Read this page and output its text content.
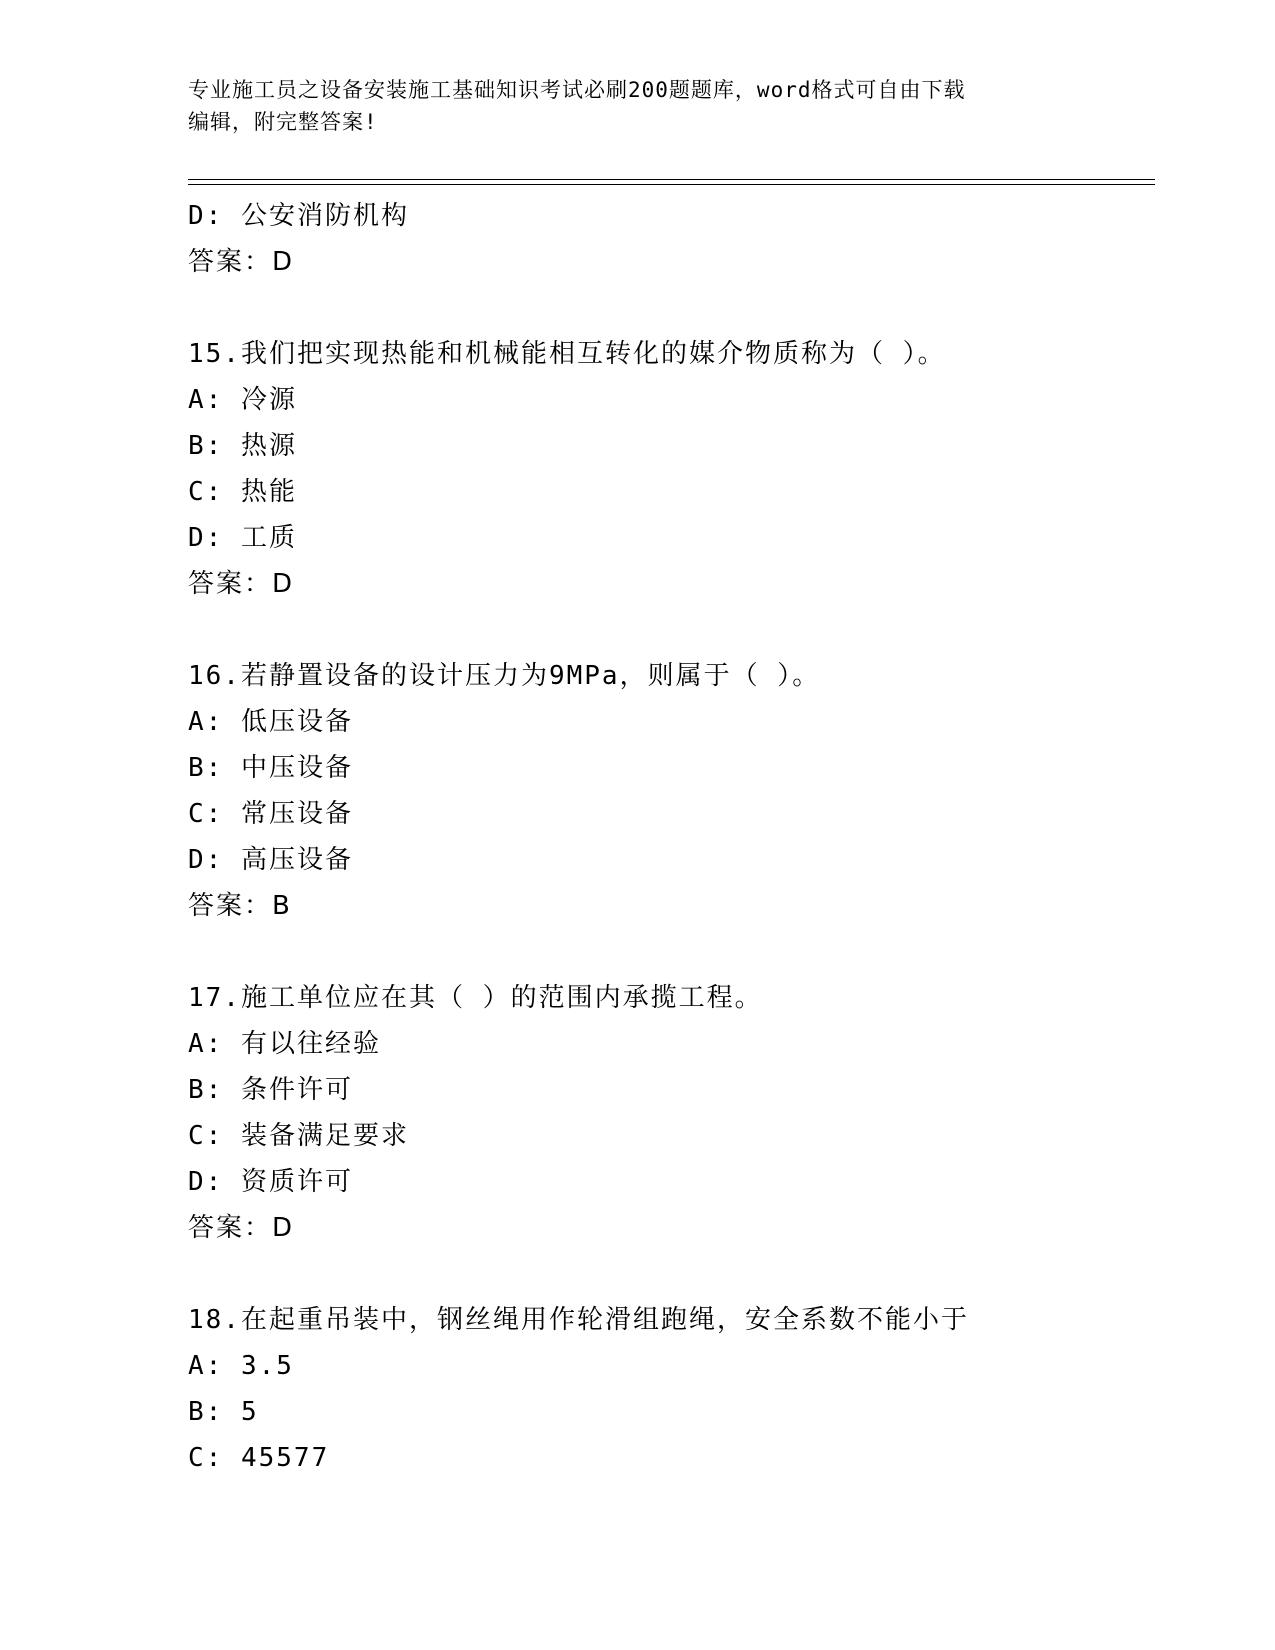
专业施工员之设备安装施工基础知识考试必刷200题题库，word格式可自由下载
编辑，附完整答案!
D: 公安消防机构
答案：D
15.我们把实现热能和机械能相互转化的媒介物质称为（ ）。
A: 冷源
B: 热源
C: 热能
D: 工质
答案：D
16.若静置设备的设计压力为9MPa，则属于（ ）。
A: 低压设备
B: 中压设备
C: 常压设备
D: 高压设备
答案：B
17.施工单位应在其（ ）的范围内承揽工程。
A: 有以往经验
B: 条件许可
C: 装备满足要求
D: 资质许可
答案：D
18.在起重吊装中，钢丝绳用作轮滑组跑绳，安全系数不能小于
A: 3.5
B: 5
C: 45577
